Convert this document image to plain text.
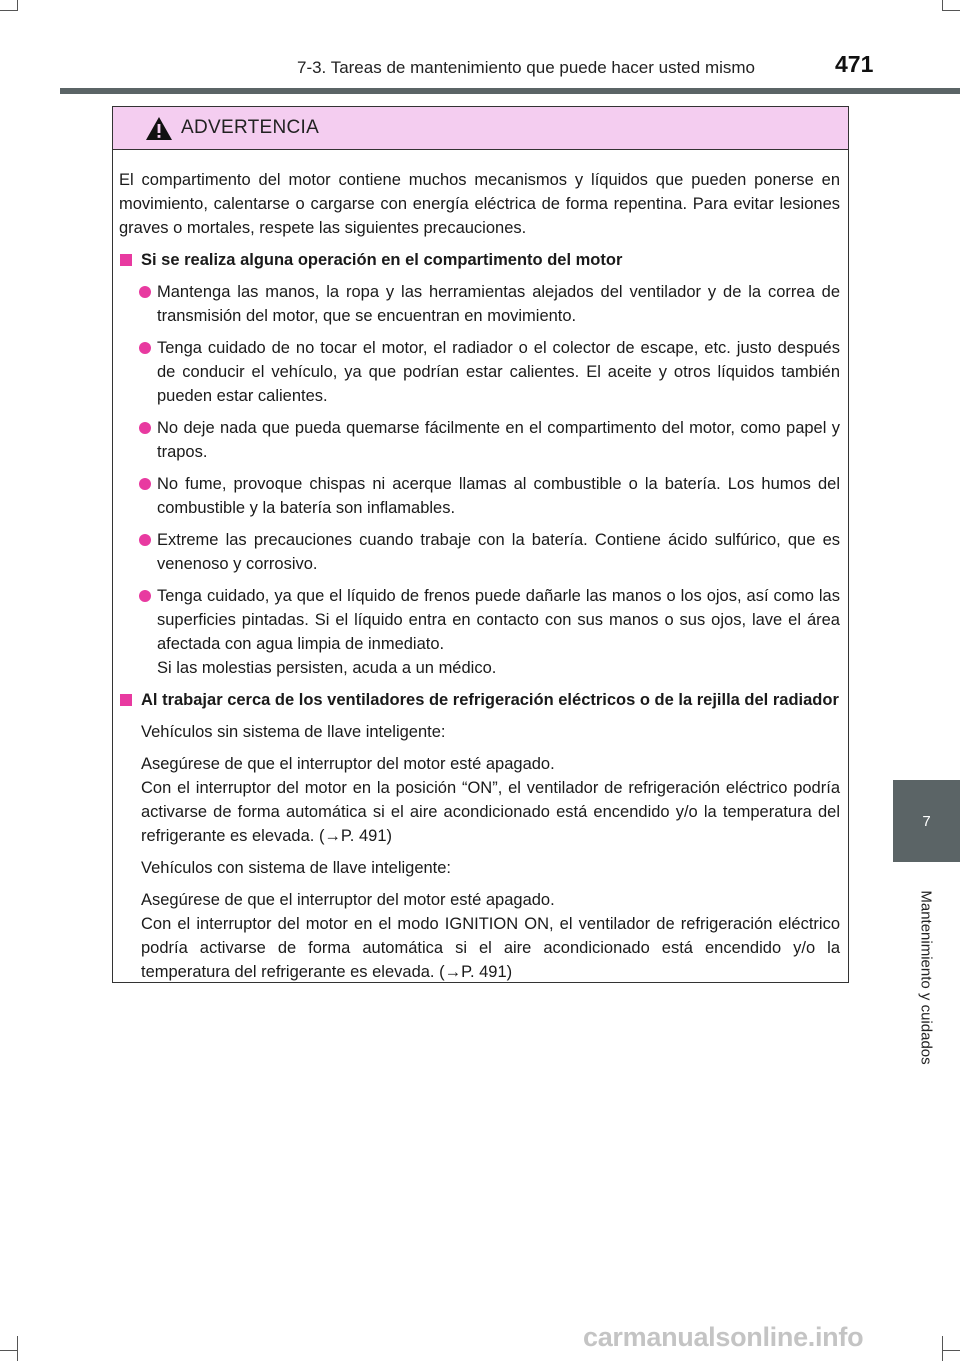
7-3. Tareas de mantenimiento que puede hacer usted mismo	471
7
Mantenimiento y cuidados
ADVERTENCIA

El compartimento del motor contiene muchos mecanismos y líquidos que pueden ponerse en movimiento, calentarse o cargarse con energía eléctrica de forma repentina. Para evitar lesiones graves o mortales, respete las siguientes precauciones.

Si se realiza alguna operación en el compartimento del motor
Mantenga las manos, la ropa y las herramientas alejados del ventilador y de la correa de transmisión del motor, que se encuentran en movimiento.
Tenga cuidado de no tocar el motor, el radiador o el colector de escape, etc. justo después de conducir el vehículo, ya que podrían estar calientes. El aceite y otros líquidos también pueden estar calientes.
No deje nada que pueda quemarse fácilmente en el compartimento del motor, como papel y trapos.
No fume, provoque chispas ni acerque llamas al combustible o la batería. Los humos del combustible y la batería son inflamables.
Extreme las precauciones cuando trabaje con la batería. Contiene ácido sulfúrico, que es venenoso y corrosivo.
Tenga cuidado, ya que el líquido de frenos puede dañarle las manos o los ojos, así como las superficies pintadas. Si el líquido entra en contacto con sus manos o sus ojos, lave el área afectada con agua limpia de inmediato.
Si las molestias persisten, acuda a un médico.
Al trabajar cerca de los ventiladores de refrigeración eléctricos o de la rejilla del radiador
Vehículos sin sistema de llave inteligente:
Asegúrese de que el interruptor del motor esté apagado.
Con el interruptor del motor en la posición “ON”, el ventilador de refrigeración eléctrico podría activarse de forma automática si el aire acondicionado está encendido y/o la temperatura del refrigerante es elevada. (→P. 491)
Vehículos con sistema de llave inteligente:
Asegúrese de que el interruptor del motor esté apagado.
Con el interruptor del motor en el modo IGNITION ON, el ventilador de refrigeración eléctrico podría activarse de forma automática si el aire acondicionado está encendido y/o la temperatura del refrigerante es elevada. (→P. 491)
carmanualsonline.info
